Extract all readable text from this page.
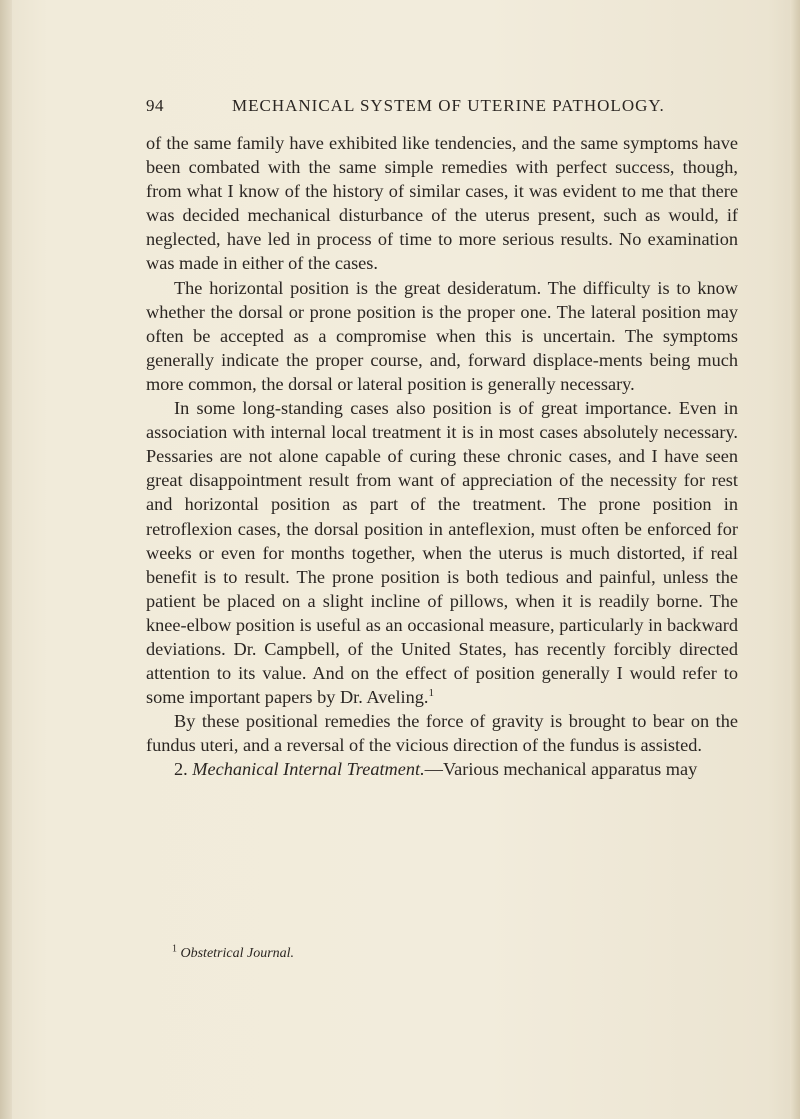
94	MECHANICAL SYSTEM OF UTERINE PATHOLOGY.

of the same family have exhibited like tendencies, and the same symptoms have been combated with the same simple remedies with perfect success, though, from what I know of the history of similar cases, it was evident to me that there was decided mechanical disturbance of the uterus present, such as would, if neglected, have led in process of time to more serious results. No examination was made in either of the cases.

The horizontal position is the great desideratum. The difficulty is to know whether the dorsal or prone position is the proper one. The lateral position may often be accepted as a compromise when this is uncertain. The symptoms generally indicate the proper course, and, forward displace-ments being much more common, the dorsal or lateral position is generally necessary.

In some long-standing cases also position is of great importance. Even in association with internal local treatment it is in most cases absolutely necessary. Pessaries are not alone capable of curing these chronic cases, and I have seen great disappointment result from want of appreciation of the necessity for rest and horizontal position as part of the treatment. The prone position in retroflexion cases, the dorsal position in anteflexion, must often be enforced for weeks or even for months together, when the uterus is much distorted, if real benefit is to result. The prone position is both tedious and painful, unless the patient be placed on a slight incline of pillows, when it is readily borne. The knee-elbow position is useful as an occasional measure, particularly in backward deviations. Dr. Campbell, of the United States, has recently forcibly directed attention to its value. And on the effect of position generally I would refer to some important papers by Dr. Aveling.$^1$

By these positional remedies the force of gravity is brought to bear on the fundus uteri, and a reversal of the vicious direction of the fundus is assisted.

2. Mechanical Internal Treatment.—Various mechanical apparatus may

$^1$ Obstetrical Journal.
